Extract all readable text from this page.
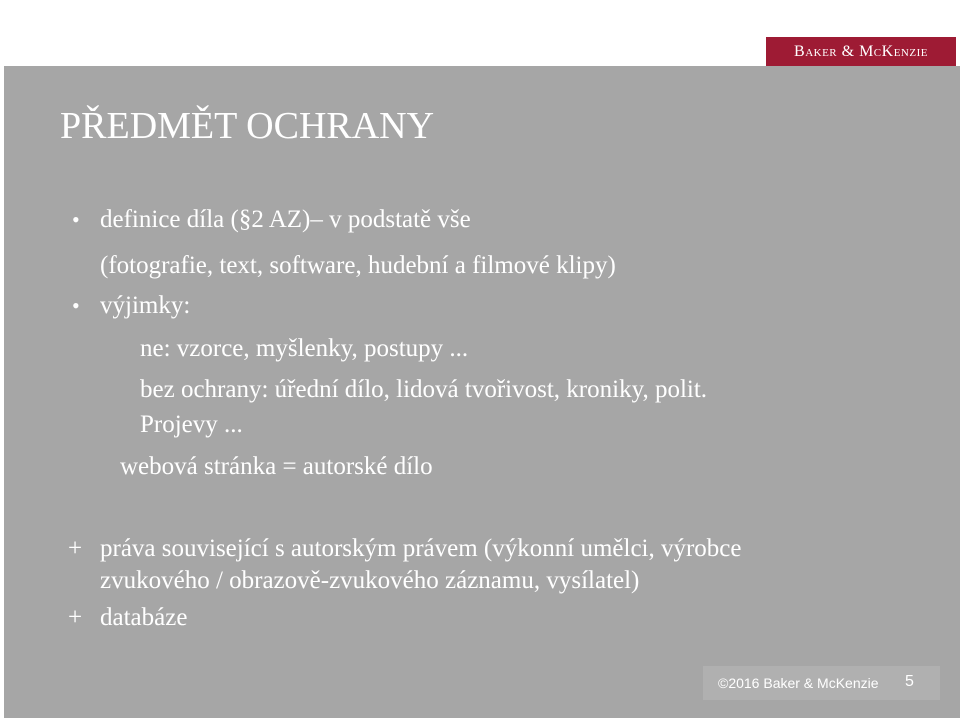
Baker & McKenzie
PŘEDMĚT OCHRANY
• definice díla (§2 AZ)– v podstatě vše
(fotografie, text, software, hudební a filmové klipy)
• výjimky:
ne: vzorce, myšlenky, postupy ...
bez ochrany: úřední dílo, lidová tvořivost, kroniky, polit.
Projevy ...
webová stránka = autorské dílo
+ práva související s autorským právem (výkonní umělci, výrobce
zvukového / obrazově-zvukového záznamu, vysílatel)
+ databáze
©2016 Baker & McKenzie 5
